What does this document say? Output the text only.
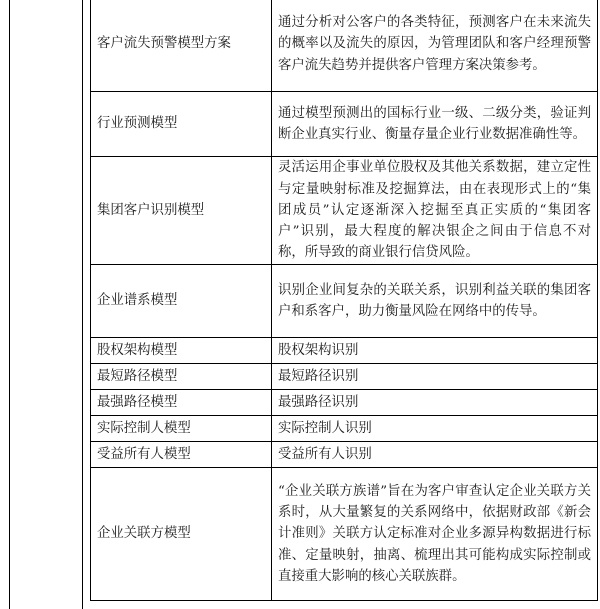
客户流失预警模型方案	通过分析对公客户的各类特征，预测客户在未来流失的概率以及流失的原因，为管理团队和客户经理预警客户流失趋势并提供客户管理方案决策参考。
行业预测模型	通过模型预测出的国标行业一级、二级分类，验证判断企业真实行业、衡量存量企业行业数据准确性等。
集团客户识别模型	灵活运用企事业单位股权及其他关系数据，建立定性与定量映射标准及挖掘算法，由在表现形式上的“集团成员”认定逐渐深入挖掘至真正实质的“集团客户”识别，最大程度的解决银企之间由于信息不对称，所导致的商业银行信贷风险。
企业谱系模型	识别企业间复杂的关联关系，识别利益关联的集团客户和系客户，助力衡量风险在网络中的传导。
股权架构模型	股权架构识别
最短路径模型	最短路径识别
最强路径模型	最强路径识别
实际控制人模型	实际控制人识别
受益所有人模型	受益所有人识别
企业关联方模型	“企业关联方族谱”旨在为客户审查认定企业关联方关系时，从大量繁复的关系网络中，依据财政部《新会计准则》关联方认定标准对企业多源异构数据进行标准、定量映射，抽离、梳理出其可能构成实际控制或直接重大影响的核心关联族群。
